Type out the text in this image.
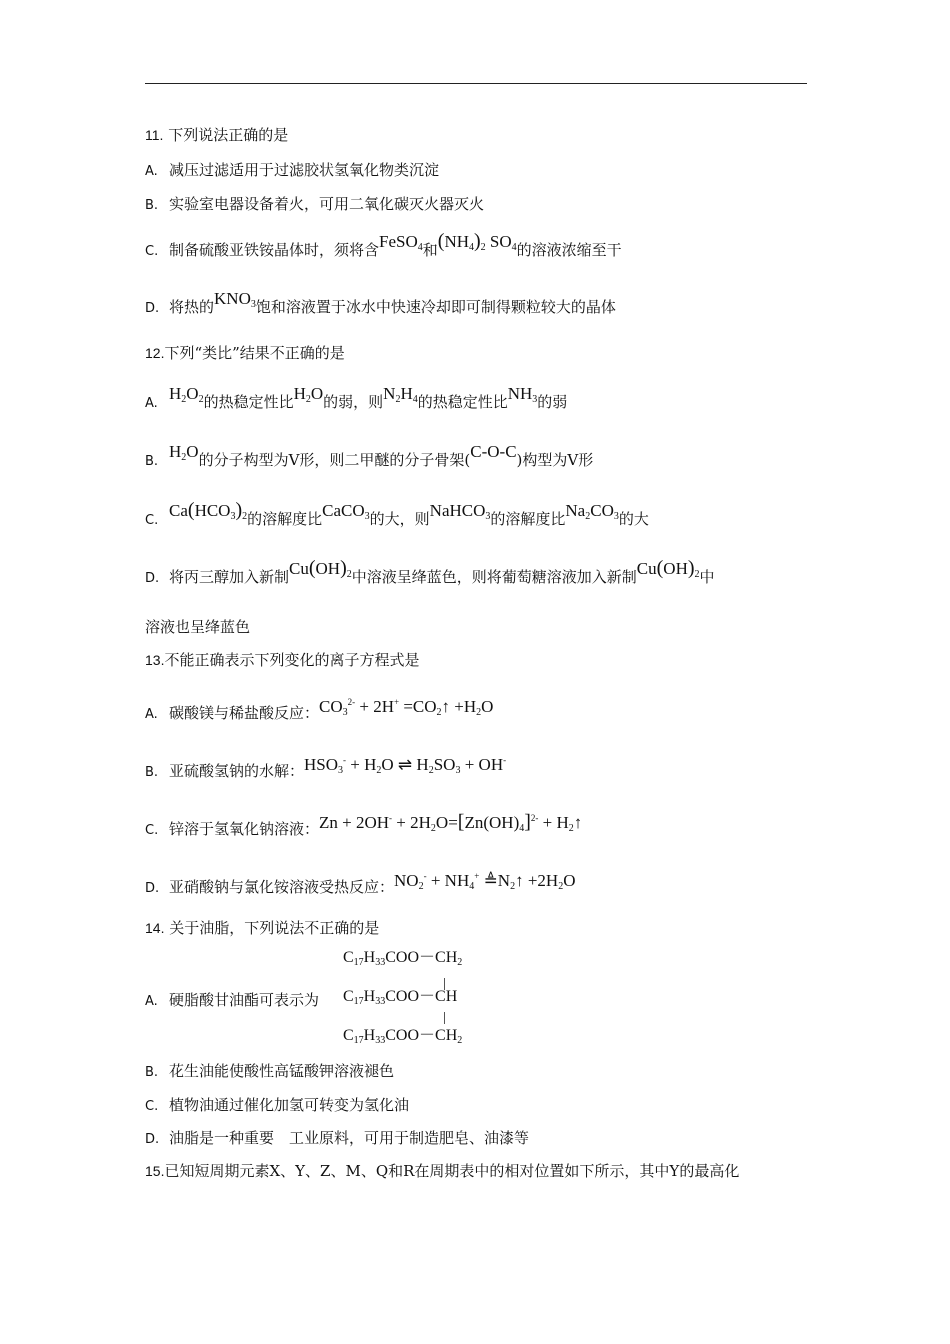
11. 下列说法正确的是
A. 减压过滤适用于过滤胶状氢氧化物类沉淀
B. 实验室电器设备着火，可用二氧化碳灭火器灭火
C. 制备硫酸亚铁铵晶体时，须将含FeSO$_4$和$(NH_4)_2$ $SO_4$的溶液浓缩至干
D. 将热的$KNO_3$饱和溶液置于冰水中快速冷却即可制得颗粒较大的晶体
12.下列“类比”结果不正确的是
$A.H_2O_2$的热稳定性比$H_2O$的弱，则$N_2H_4$的热稳定性比$NH_3$的弱
$B.H_2O$的分子构型为Ⅴ形，则二甲醚的分子骨架(C-O-C)构型为Ⅴ形
$C.Ca(HCO_3)_2$的溶解度比CaCO$_3$的大，则NaHCO$_3$的溶解度比$Na_2CO_3$的大
D. 将丙三醇加入新制$Cu(OH)_2$中溶液呈绛蓝色，则将葡萄糖溶液加入新制$Cu(OH)_2$中
溶液也呈绛蓝色
13.不能正确表示下列变化的离子方程式是
A. 碳酸镁与稀盐酸反应：$CO_3^{2-} + 2H^+$ $=CO_2↑ +H_2O$
B. 亚硫酸氢钠的水解：$HSO_3^- + H_2O$ ⇌ $H_2SO_3 + OH^-$
C. 锌溶于氢氧化钠溶液：$Zn + 2OH^- + 2H_2O=[Zn(OH)_4]^{2-}$ + $H_2↑$
D. 亚硝酸钠与氯化铵溶液受热反应：$NO_2^- + NH_4^+$ $≜N_2↑ +2H_2O$
14. 关于油脂，下列说法不正确的是
$C_{17}H_{33}COO-CH_2$
$C_{17}H_{33}COO-CH$
$C_{17}H_{33}COO-CH_2$
A. 硬脂酸甘油酯可表示为
B. 花生油能使酸性高锰酸钾溶液褪色
C. 植物油通过催化加氢可转变为氢化油
D. 油脂是一种重要　工业原料，可用于制造肥皂、油漆等
15.已知短周期元素X、Y、Z、M、Q和R在周期表中的相对位置如下所示，其中Y的最高化
